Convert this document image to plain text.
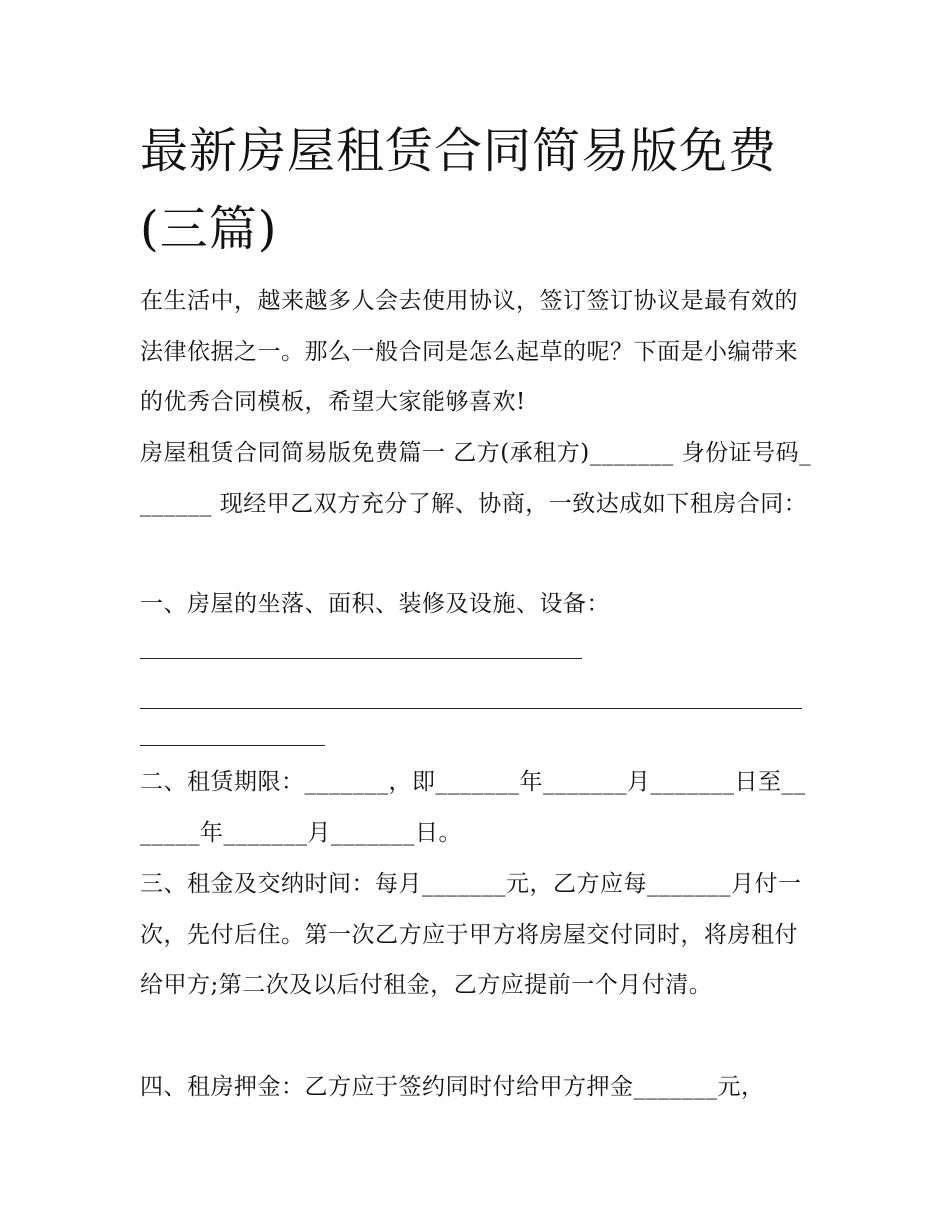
最新房屋租赁合同简易版免费(三篇)

在生活中，越来越多人会去使用协议，签订签订协议是最有效的法律依据之一。那么一般合同是怎么起草的呢？下面是小编带来的优秀合同模板，希望大家能够喜欢!

房屋租赁合同简易版免费篇一 乙方(承租方)_______ 身份证号码_______ 现经甲乙双方充分了解、协商，一致达成如下租房合同：

一、房屋的坐落、面积、装修及设施、设备：

二、租赁期限：_______，即_______年_______月_______日至_______年_______月_______日。

三、租金及交纳时间：每月_______元，乙方应每_______月付一次，先付后住。第一次乙方应于甲方将房屋交付同时，将房租付给甲方;第二次及以后付租金，乙方应提前一个月付清。

四、租房押金：乙方应于签约同时付给甲方押金_______元，
